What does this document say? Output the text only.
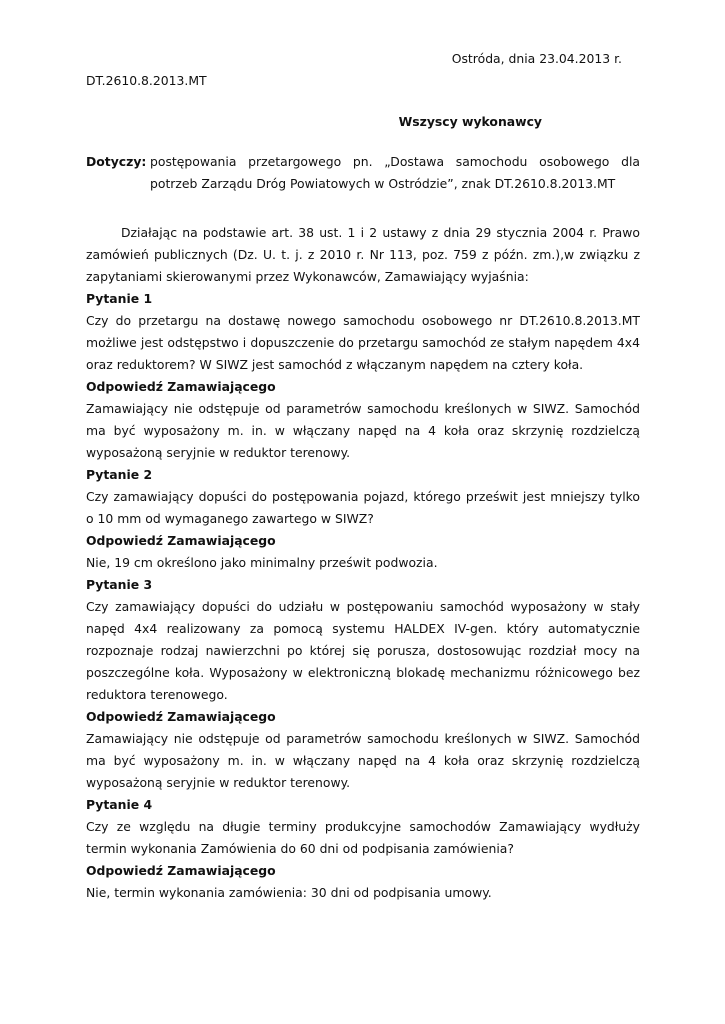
Ostróda, dnia 23.04.2013 r.
DT.2610.8.2013.MT
Wszyscy wykonawcy
Dotyczy: postępowania przetargowego pn. „Dostawa samochodu osobowego dla potrzeb Zarządu Dróg Powiatowych w Ostródzie”, znak DT.2610.8.2013.MT

Działając na podstawie art. 38 ust. 1 i 2 ustawy z dnia 29 stycznia 2004 r. Prawo zamówień publicznych (Dz. U. t. j. z 2010 r. Nr 113, poz. 759 z późn. zm.),w związku z zapytaniami skierowanymi przez Wykonawców, Zamawiający wyjaśnia:

Pytanie 1

Czy do przetargu na dostawę nowego samochodu osobowego nr DT.2610.8.2013.MT możliwe jest odstępstwo i dopuszczenie do przetargu samochód ze stałym napędem 4x4 oraz reduktorem? W SIWZ jest samochód z włączanym napędem na cztery koła.

Odpowiedź Zamawiającego

Zamawiający nie odstępuje od parametrów samochodu kreślonych w SIWZ. Samochód ma być wyposażony m. in. w włączany napęd na 4 koła oraz skrzynię rozdzielczą wyposażoną seryjnie w reduktor terenowy.

Pytanie 2

Czy zamawiający dopuści do postępowania pojazd, którego prześwit jest mniejszy tylko o 10 mm od wymaganego zawartego w SIWZ?

Odpowiedź Zamawiającego

Nie, 19 cm określono jako minimalny prześwit podwozia.

Pytanie 3

Czy zamawiający dopuści do udziału w postępowaniu samochód wyposażony w stały napęd 4x4 realizowany za pomocą systemu HALDEX IV-gen. który automatycznie rozpoznaje rodzaj nawierzchni po której się porusza, dostosowując rozdział mocy na poszczególne koła. Wyposażony w elektroniczną blokadę mechanizmu różnicowego bez reduktora terenowego.

Odpowiedź Zamawiającego

Zamawiający nie odstępuje od parametrów samochodu kreślonych w SIWZ. Samochód ma być wyposażony m. in. w włączany napęd na 4 koła oraz skrzynię rozdzielczą wyposażoną seryjnie w reduktor terenowy.

Pytanie 4

Czy ze względu na długie terminy produkcyjne samochodów Zamawiający wydłuży termin wykonania Zamówienia do 60 dni od podpisania zamówienia?

Odpowiedź Zamawiającego

Nie, termin wykonania zamówienia: 30 dni od podpisania umowy.
